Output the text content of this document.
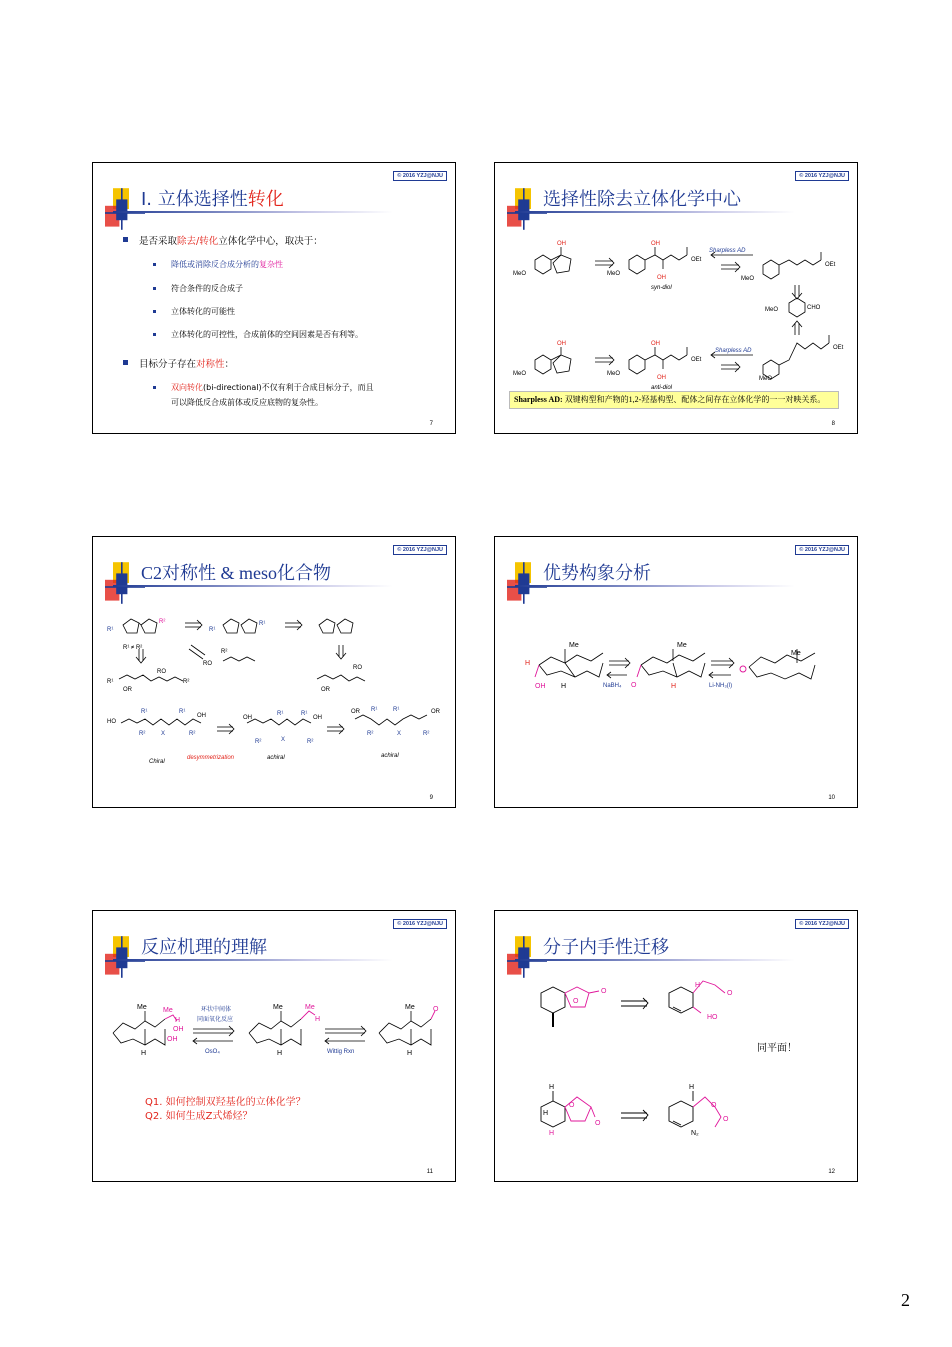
© 2016 YZJ@NJU
I. 立体选择性转化
是否采取除去/转化立体化学中心，取决于：
降低或消除反合成分析的复杂性
符合条件的反合成子
立体转化的可能性
立体转化的可控性，合成前体的空间因素是否有利等。
目标分子存在对称性：
双向转化(bi-directional)不仅有利于合成目标分子，而且
可以降低反合成前体或反应底物的复杂性。
7
© 2016 YZJ@NJU
选择性除去立体化学中心
MeO	MeO
MeO
MeO
MeO	MeO
MeO
OEt
OEt
OEt
OEt
CHO
syn-diol
anti-diol
OH	OH
OH
OH	OH
OH
Sharpless AD
Sharpless AD
Sharpless AD: 双键构型和产物的1,2-羟基构型、配体之间存在立体化学的一一对映关系。
8
© 2016 YZJ@NJU
C2对称性 & meso化合物
R¹	R¹
R¹
R¹	R¹	R¹	R¹
R¹	R¹
R²	R²
R²	R²
R²	R²
X
X
X
R²
R¹ ≠ R²
R²
RO
R¹
OR
RO
R²
RO
OR
HO
OH	OH	OH
OR	OR
Chiral
achiral	achiral
desymmetrization
9
© 2016 YZJ@NJU
优势构象分析
Me	Me
Me
H
H
H
OH	O
NaBH₄	Li-NH₃(l)
10
© 2016 YZJ@NJU
反应机理的理解
Me	Me	Me
H	H	H
Me
H
OH
OH
Me
H
O
环状中间体
同面氧化反应
OsO₄	Wittig Rxn
Q1. 如何控制双羟基化的立体化学？
Q2. 如何生成Z式烯烃？
11
© 2016 YZJ@NJU
分子内手性迁移
H
O
O
O
HO
H
O
O
O
O
H
H
H
N₂
同平面！
12
2
